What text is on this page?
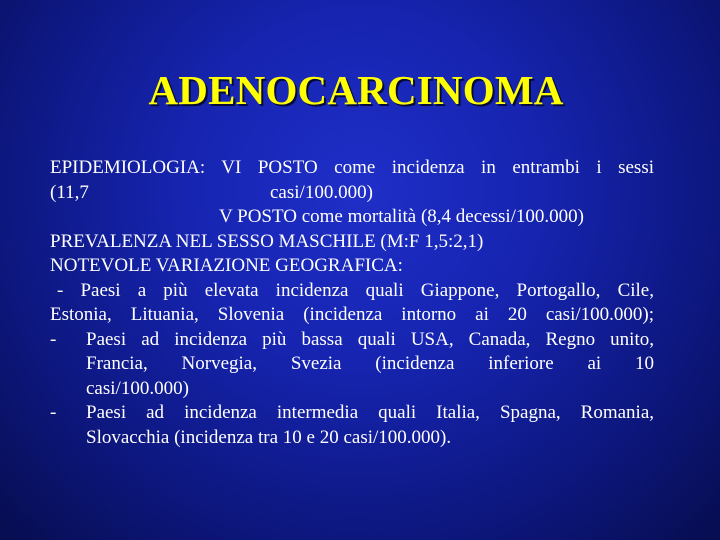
ADENOCARCINOMA
EPIDEMIOLOGIA: VI POSTO come incidenza in entrambi i sessi
(11,7	casi/100.000)
V POSTO come mortalità (8,4 decessi/100.000)
PREVALENZA NEL SESSO MASCHILE (M:F 1,5:2,1)
NOTEVOLE VARIAZIONE GEOGRAFICA:
- Paesi a più elevata incidenza quali Giappone, Portogallo, Cile,
Estonia, Lituania, Slovenia (incidenza intorno ai 20 casi/100.000);
-	Paesi ad incidenza più bassa quali USA, Canada, Regno unito,
Francia, Norvegia, Svezia (incidenza inferiore ai 10
casi/100.000)
-	Paesi ad incidenza intermedia quali Italia, Spagna, Romania,
Slovacchia (incidenza tra 10 e 20 casi/100.000).
